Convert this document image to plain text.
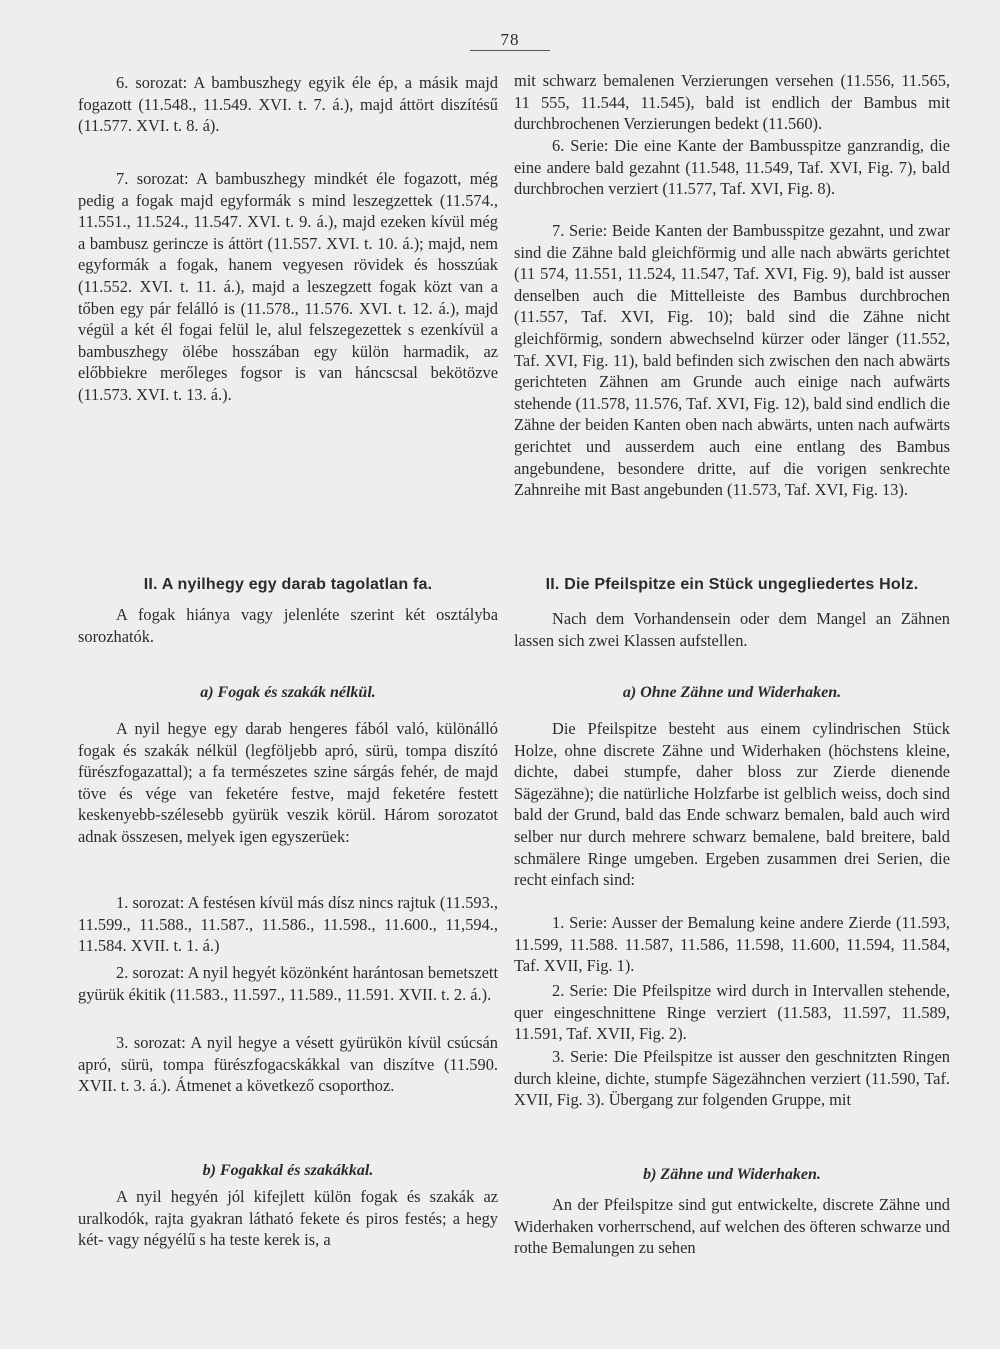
78

6. sorozat: A bambuszhegy egyik éle ép, a másik majd fogazott (11.548., 11.549. XVI. t. 7. á.), majd áttört diszítésű (11.577. XVI. t. 8. á).

7. sorozat: A bambuszhegy mindkét éle fogazott, még pedig a fogak majd egyformák s mind leszegzettek (11.574., 11.551., 11.524., 11.547. XVI. t. 9. á.), majd ezeken kívül még a bambusz gerincze is áttört (11.557. XVI. t. 10. á.); majd, nem egyformák a fogak, hanem vegyesen rövidek és hosszúak (11.552. XVI. t. 11. á.), majd a leszegzett fogak közt van a tőben egy pár felálló is (11.578., 11.576. XVI. t. 12. á.), majd végül a két él fogai felül le, alul felszegezettek s ezenkívül a bambuszhegy ölébe hosszában egy külön harmadik, az előbbiekre merőleges fogsor is van háncscsal bekötözve (11.573. XVI. t. 13. á.).

II. A nyilhegy egy darab tagolatlan fa.

A fogak hiánya vagy jelenléte szerint két osztályba sorozhatók.

a) Fogak és szakák nélkül.

A nyil hegye egy darab hengeres fából való, különálló fogak és szakák nélkül (legföljebb apró, sürü, tompa diszító fürészfogazattal); a fa természetes szine sárgás fehér, de majd töve és vége van feketére festve, majd feketére festett keskenyebb-szélesebb gyürük veszik körül. Három sorozatot adnak összesen, melyek igen egyszerüek:

1. sorozat: A festésen kívül más dísz nincs rajtuk (11.593., 11.599., 11.588., 11.587., 11.586., 11.598., 11.600., 11,594., 11.584. XVII. t. 1. á.)

2. sorozat: A nyil hegyét közönként harántosan bemetszett gyürük ékitik (11.583., 11.597., 11.589., 11.591. XVII. t. 2. á.).

3. sorozat: A nyil hegye a vésett gyürükön kívül csúcsán apró, sürü, tompa fürészfogacskákkal van diszítve (11.590. XVII. t. 3. á.). Átmenet a következő csoporthoz.

b) Fogakkal és szakákkal.

A nyil hegyén jól kifejlett külön fogak és szakák az uralkodók, rajta gyakran látható fekete és piros festés; a hegy két- vagy négyélű s ha teste kerek is, a

mit schwarz bemalenen Verzierungen versehen (11.556, 11.565, 11 555, 11.544, 11.545), bald ist endlich der Bambus mit durchbrochenen Verzierungen bedekt (11.560).

6. Serie: Die eine Kante der Bambusspitze ganzrandig, die eine andere bald gezahnt (11.548, 11.549, Taf. XVI, Fig. 7), bald durchbrochen verziert (11.577, Taf. XVI, Fig. 8).

7. Serie: Beide Kanten der Bambusspitze gezahnt, und zwar sind die Zähne bald gleichförmig und alle nach abwärts gerichtet (11 574, 11.551, 11.524, 11.547, Taf. XVI, Fig. 9), bald ist ausser denselben auch die Mittelleiste des Bambus durchbrochen (11.557, Taf. XVI, Fig. 10); bald sind die Zähne nicht gleichförmig, sondern abwechselnd kürzer oder länger (11.552, Taf. XVI, Fig. 11), bald befinden sich zwischen den nach abwärts gerichteten Zähnen am Grunde auch einige nach aufwärts stehende (11.578, 11.576, Taf. XVI, Fig. 12), bald sind endlich die Zähne der beiden Kanten oben nach abwärts, unten nach aufwärts gerichtet und ausserdem auch eine entlang des Bambus angebundene, besondere dritte, auf die vorigen senkrechte Zahnreihe mit Bast angebunden (11.573, Taf. XVI, Fig. 13).

II. Die Pfeilspitze ein Stück ungegliedertes Holz.

Nach dem Vorhandensein oder dem Mangel an Zähnen lassen sich zwei Klassen aufstellen.

a) Ohne Zähne und Widerhaken.

Die Pfeilspitze besteht aus einem cylindrischen Stück Holze, ohne discrete Zähne und Widerhaken (höchstens kleine, dichte, dabei stumpfe, daher bloss zur Zierde dienende Sägezähne); die natürliche Holzfarbe ist gelblich weiss, doch sind bald der Grund, bald das Ende schwarz bemalen, bald auch wird selber nur durch mehrere schwarz bemalene, bald breitere, bald schmälere Ringe umgeben. Ergeben zusammen drei Serien, die recht einfach sind:

1. Serie: Ausser der Bemalung keine andere Zierde (11.593, 11.599, 11.588. 11.587, 11.586, 11.598, 11.600, 11.594, 11.584, Taf. XVII, Fig. 1).

2. Serie: Die Pfeilspitze wird durch in Intervallen stehende, quer eingeschnittene Ringe verziert (11.583, 11.597, 11.589, 11.591, Taf. XVII, Fig. 2).

3. Serie: Die Pfeilspitze ist ausser den geschnitzten Ringen durch kleine, dichte, stumpfe Sägezähnchen verziert (11.590, Taf. XVII, Fig. 3). Übergang zur folgenden Gruppe, mit

b) Zähne und Widerhaken.

An der Pfeilspitze sind gut entwickelte, discrete Zähne und Widerhaken vorherrschend, auf welchen des öfteren schwarze und rothe Bemalungen zu sehen
